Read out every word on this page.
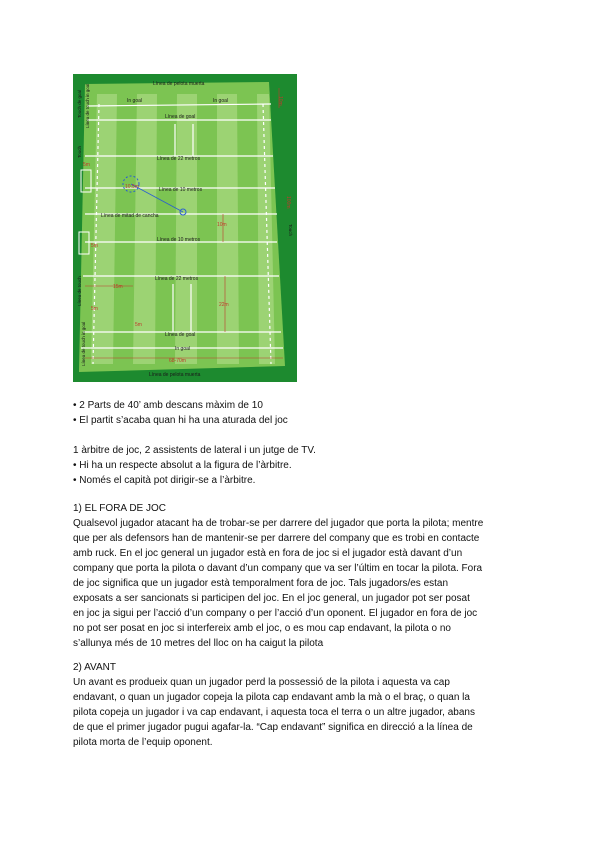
Línea de pelota muerta
In goal	In goal
Línea de goal
Línea de 22 metros
Línea de 10 metros
Línea de mitad de cancha
Línea de 10 metros
Línea de 22 metros
Línea de goal
In goal
Línea de pelota muerta
Touch de goal Línea de touch in goal
Touch
Línea de touch
Línea de touch in goal
Touch
5m
5m
15m
5m
5m
22m
10m
10.5m
68-70m
10m
100m

• 2 Parts de 40’ amb descans màxim de 10

• El partit s’acaba quan hi ha una aturada del joc

1 àrbitre de joc, 2 assistents de lateral i un jutge de TV.

• Hi ha un respecte absolut a la figura de l’àrbitre.

• Només el capità pot dirigir-se a l’àrbitre.

1) EL FORA DE JOC

Qualsevol jugador atacant ha de trobar-se per darrere del jugador que porta la pilota; mentre

que per als defensors han de mantenir-se per darrere del company que es trobi en contacte

amb ruck. En el joc general un jugador està en fora de joc si el jugador està davant d’un

company que porta la pilota o davant d’un company que va ser l’últim en tocar la pilota. Fora

de joc significa que un jugador està temporalment fora de joc. Tals jugadors/es estan

exposats a ser sancionats si participen del joc. En el joc general, un jugador pot ser posat

en joc ja sigui per l’acció d’un company o per l’acció d’un oponent. El jugador en fora de joc

no pot ser posat en joc si interfereix amb el joc, o es mou cap endavant, la pilota o no

s’allunya més de 10 metres del lloc on ha caigut la pilota

2) AVANT

Un avant es produeix quan un jugador perd la possessió de la pilota i aquesta va cap

endavant, o quan un jugador copeja la pilota cap endavant amb la mà o el braç, o quan la

pilota copeja un jugador i va cap endavant, i aquesta toca el terra o un altre jugador, abans

de que el primer jugador pugui agafar-la. “Cap endavant” significa en direcció a la línea de

pilota morta de l’equip oponent.
